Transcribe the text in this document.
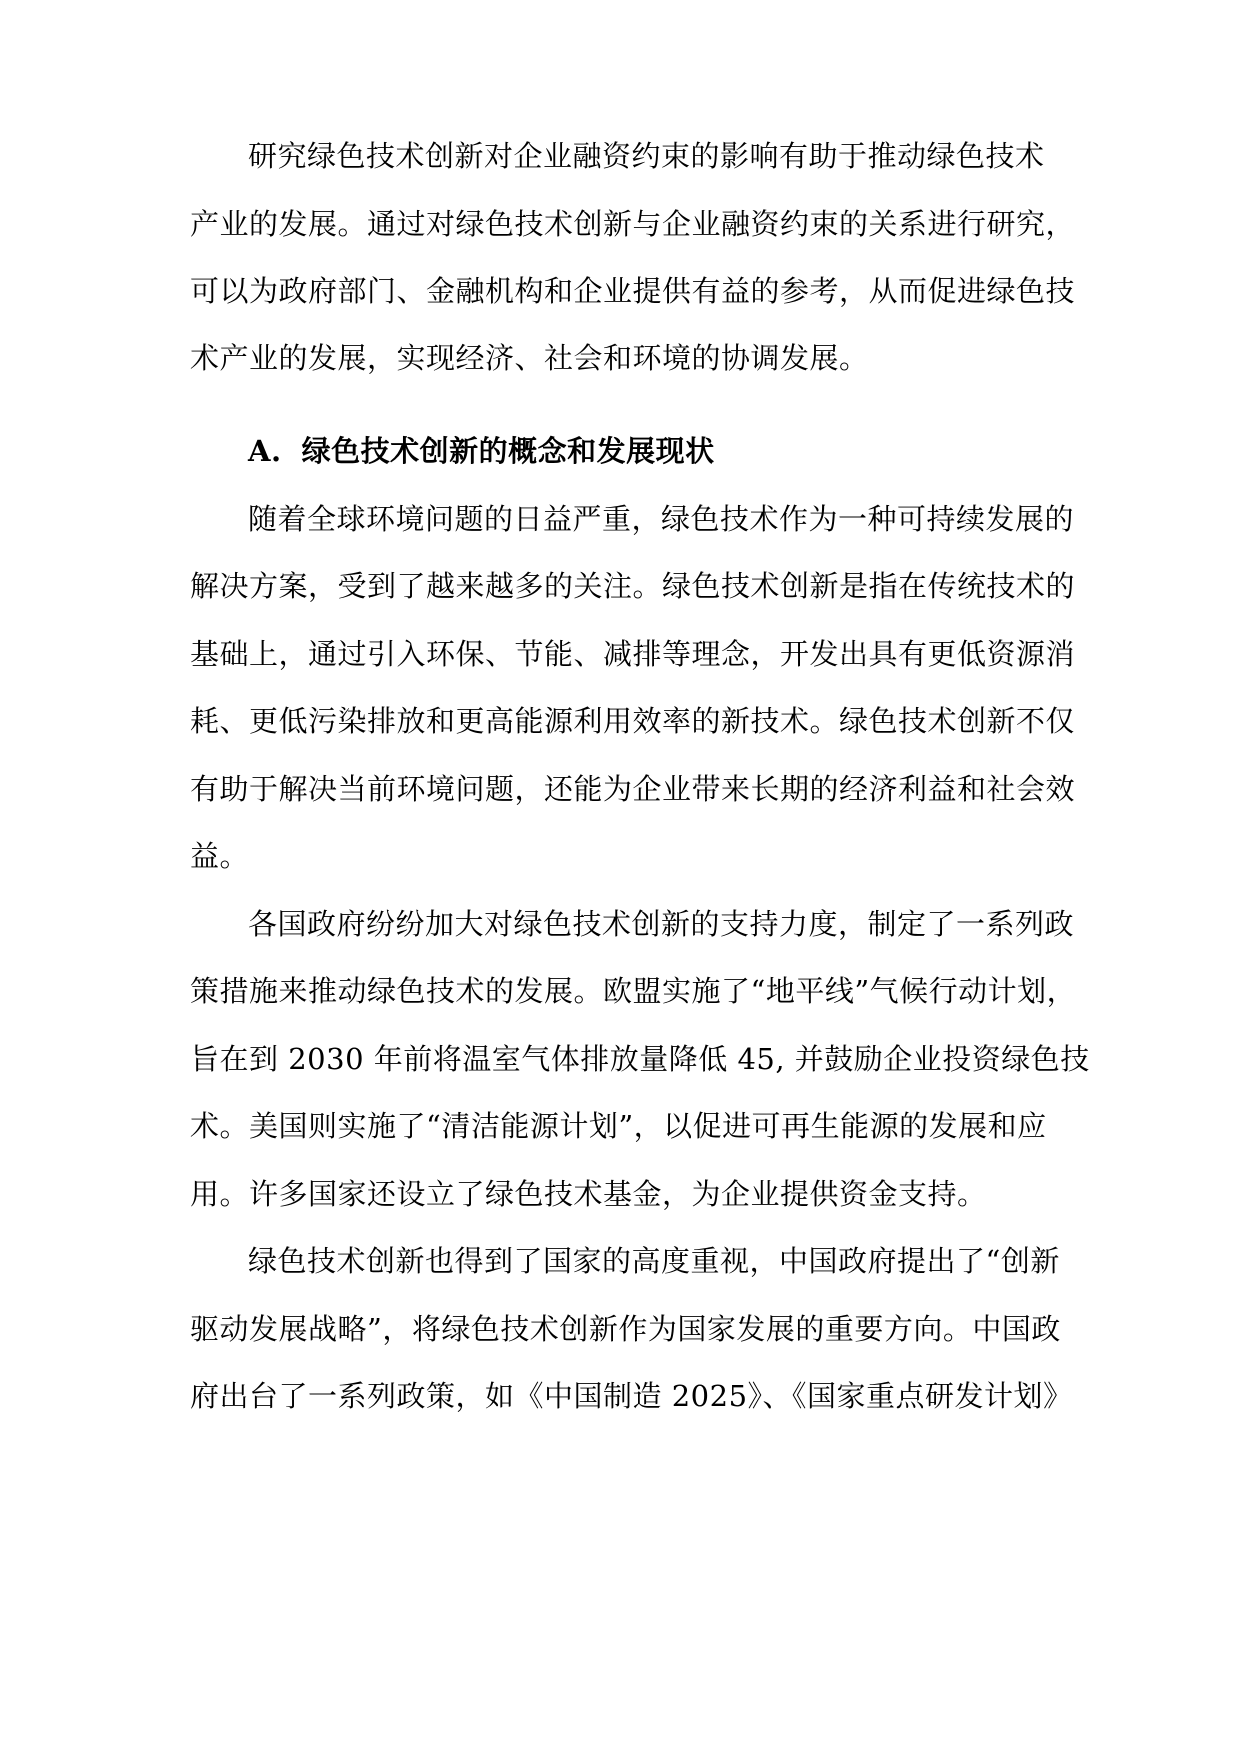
研究绿色技术创新对企业融资约束的影响有助于推动绿色技术
产业的发展。通过对绿色技术创新与企业融资约束的关系进行研究，
可以为政府部门、金融机构和企业提供有益的参考，从而促进绿色技
术产业的发展，实现经济、社会和环境的协调发展。
A. 绿色技术创新的概念和发展现状
随着全球环境问题的日益严重，绿色技术作为一种可持续发展的
解决方案，受到了越来越多的关注。绿色技术创新是指在传统技术的
基础上，通过引入环保、节能、减排等理念，开发出具有更低资源消
耗、更低污染排放和更高能源利用效率的新技术。绿色技术创新不仅
有助于解决当前环境问题，还能为企业带来长期的经济利益和社会效
益。
各国政府纷纷加大对绿色技术创新的支持力度，制定了一系列政
策措施来推动绿色技术的发展。欧盟实施了“地平线”气候行动计划，
旨在到 2030 年前将温室气体排放量降低 45, 并鼓励企业投资绿色技
术。美国则实施了“清洁能源计划”，以促进可再生能源的发展和应
用。许多国家还设立了绿色技术基金，为企业提供资金支持。
绿色技术创新也得到了国家的高度重视，中国政府提出了“创新
驱动发展战略”，将绿色技术创新作为国家发展的重要方向。中国政
府出台了一系列政策，如《中国制造 2025》、《国家重点研发计划》
